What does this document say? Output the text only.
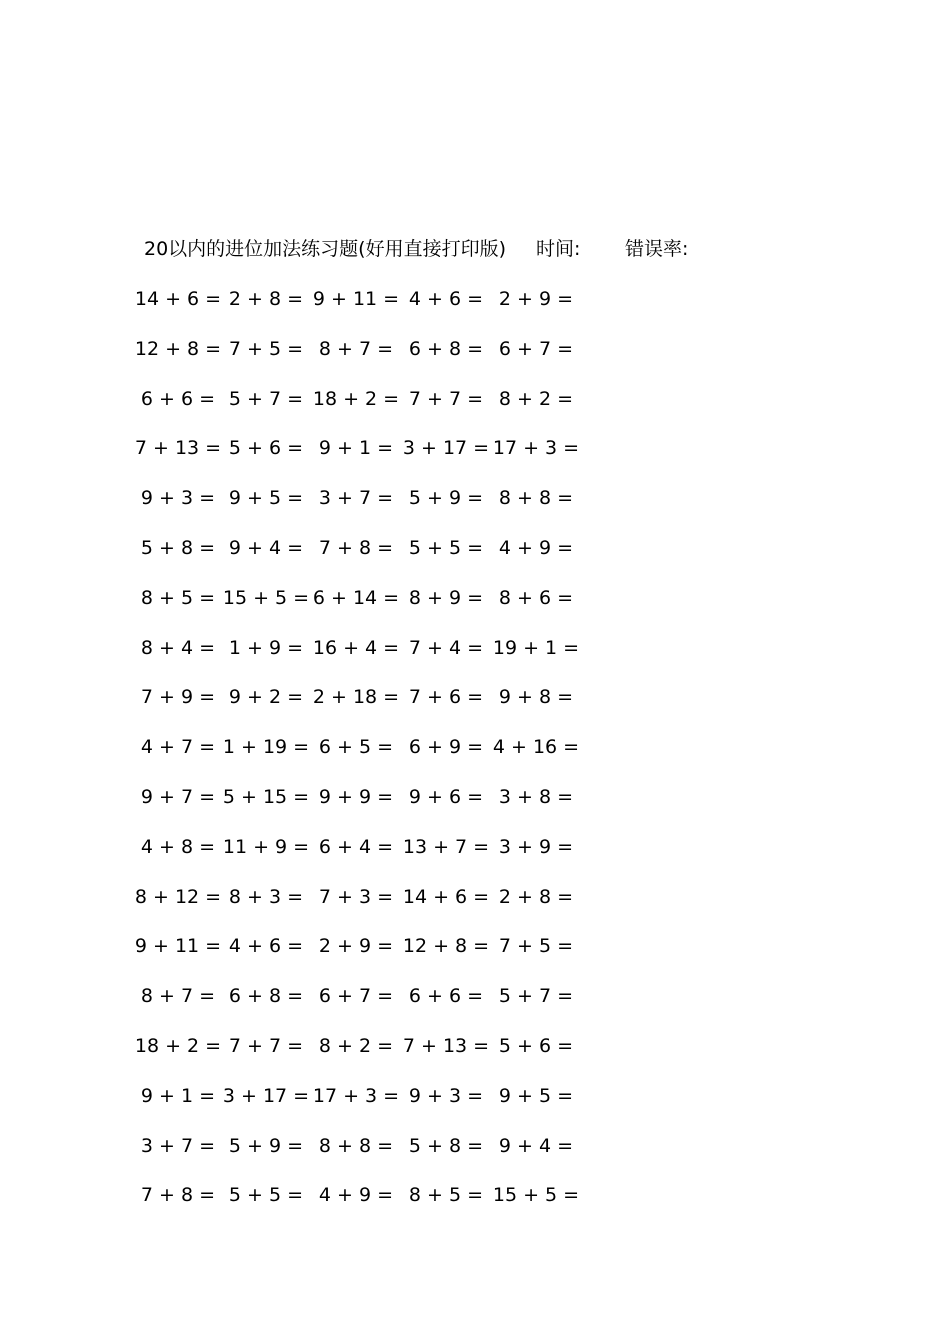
20以内的进位加法练习题(好用直接打印版) 时间: 错误率:
14 + 6 = 2 + 8 = 9 + 11 = 4 + 6 = 2 + 9 =
12 + 8 = 7 + 5 = 8 + 7 = 6 + 8 = 6 + 7 =
6 + 6 = 5 + 7 = 18 + 2 = 7 + 7 = 8 + 2 =
7 + 13 = 5 + 6 = 9 + 1 = 3 + 17 = 17 + 3 =
9 + 3 = 9 + 5 = 3 + 7 = 5 + 9 = 8 + 8 =
5 + 8 = 9 + 4 = 7 + 8 = 5 + 5 = 4 + 9 =
8 + 5 = 15 + 5 = 6 + 14 = 8 + 9 = 8 + 6 =
8 + 4 = 1 + 9 = 16 + 4 = 7 + 4 = 19 + 1 =
7 + 9 = 9 + 2 = 2 + 18 = 7 + 6 = 9 + 8 =
4 + 7 = 1 + 19 = 6 + 5 = 6 + 9 = 4 + 16 =
9 + 7 = 5 + 15 = 9 + 9 = 9 + 6 = 3 + 8 =
4 + 8 = 11 + 9 = 6 + 4 = 13 + 7 = 3 + 9 =
8 + 12 = 8 + 3 = 7 + 3 = 14 + 6 = 2 + 8 =
9 + 11 = 4 + 6 = 2 + 9 = 12 + 8 = 7 + 5 =
8 + 7 = 6 + 8 = 6 + 7 = 6 + 6 = 5 + 7 =
18 + 2 = 7 + 7 = 8 + 2 = 7 + 13 = 5 + 6 =
9 + 1 = 3 + 17 = 17 + 3 = 9 + 3 = 9 + 5 =
3 + 7 = 5 + 9 = 8 + 8 = 5 + 8 = 9 + 4 =
7 + 8 = 5 + 5 = 4 + 9 = 8 + 5 = 15 + 5 =
